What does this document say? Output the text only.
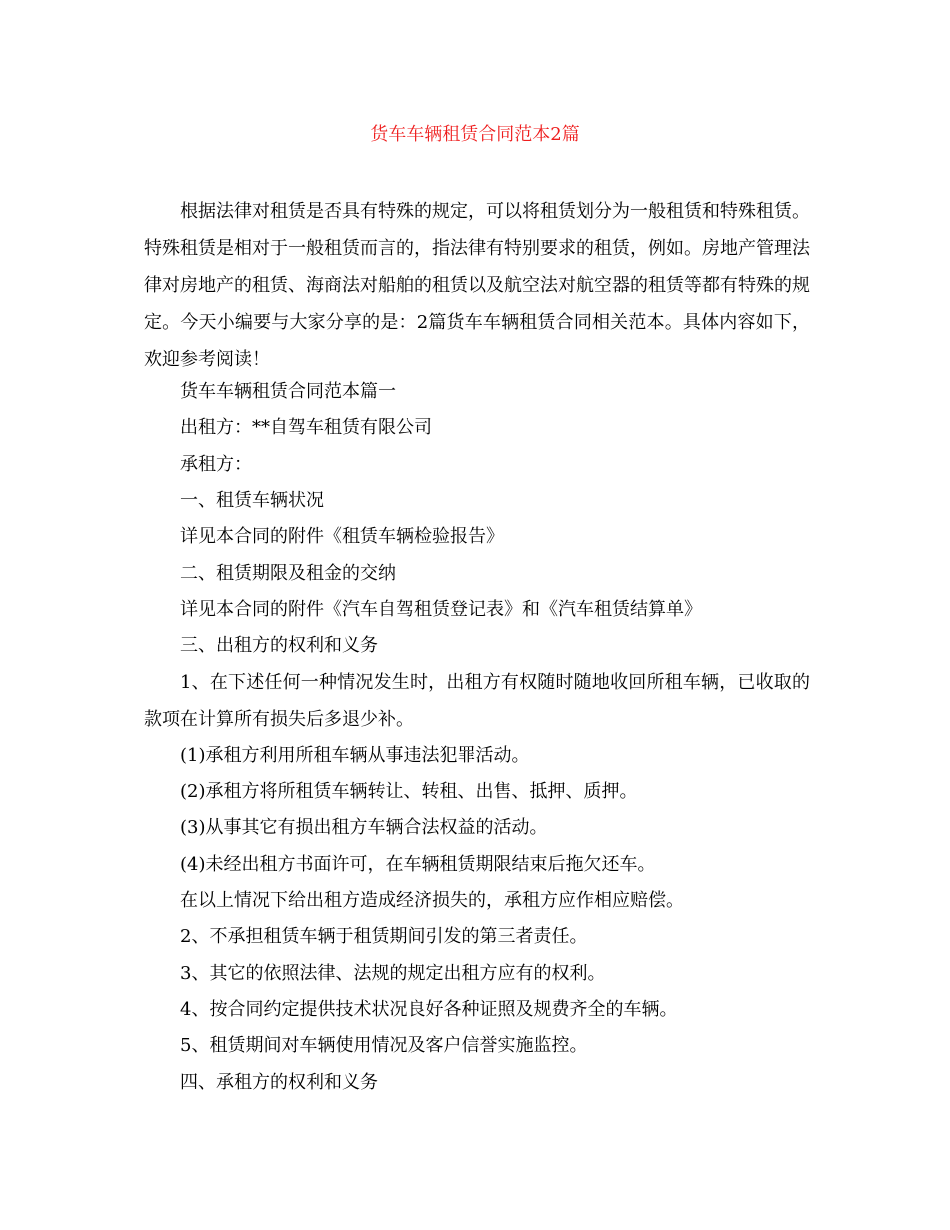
货车车辆租赁合同范本2篇

根据法律对租赁是否具有特殊的规定，可以将租赁划分为一般租赁和特殊租赁。特殊租赁是相对于一般租赁而言的，指法律有特别要求的租赁，例如。房地产管理法律对房地产的租赁、海商法对船舶的租赁以及航空法对航空器的租赁等都有特殊的规定。今天小编要与大家分享的是：2篇货车车辆租赁合同相关范本。具体内容如下，欢迎参考阅读！

货车车辆租赁合同范本篇一

出租方：**自驾车租赁有限公司

承租方：

一、租赁车辆状况

详见本合同的附件《租赁车辆检验报告》

二、租赁期限及租金的交纳

详见本合同的附件《汽车自驾租赁登记表》和《汽车租赁结算单》

三、出租方的权利和义务

1、在下述任何一种情况发生时，出租方有权随时随地收回所租车辆，已收取的款项在计算所有损失后多退少补。

(1)承租方利用所租车辆从事违法犯罪活动。

(2)承租方将所租赁车辆转让、转租、出售、抵押、质押。

(3)从事其它有损出租方车辆合法权益的活动。

(4)未经出租方书面许可，在车辆租赁期限结束后拖欠还车。

在以上情况下给出租方造成经济损失的，承租方应作相应赔偿。

2、不承担租赁车辆于租赁期间引发的第三者责任。

3、其它的依照法律、法规的规定出租方应有的权利。

4、按合同约定提供技术状况良好各种证照及规费齐全的车辆。

5、租赁期间对车辆使用情况及客户信誉实施监控。

四、承租方的权利和义务
